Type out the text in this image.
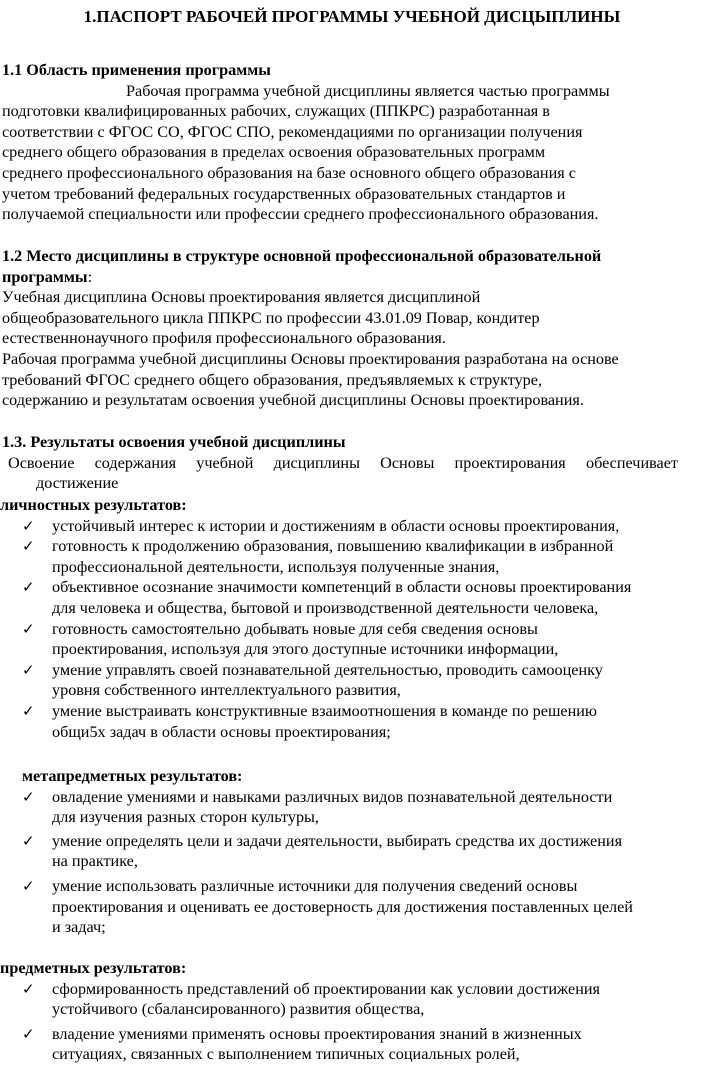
1.ПАСПОРТ РАБОЧЕЙ ПРОГРАММЫ УЧЕБНОЙ ДИСЦЫПЛИНЫ
1.1 Область применения программы
Рабочая программа учебной дисциплины является частью программы
подготовки квалифицированных рабочих, служащих (ППКРС) разработанная в
соответствии с ФГОС СО, ФГОС СПО, рекомендациями по организации получения
среднего общего образования в пределах освоения образовательных программ
среднего профессионального образования на базе основного общего образования с
учетом требований федеральных государственных образовательных стандартов и
получаемой специальности или профессии среднего профессионального образования.
1.2 Место дисциплины в структуре основной профессиональной образовательной
программы:
Учебная дисциплина Основы проектирования является дисциплиной
общеобразовательного цикла ППКРС по профессии 43.01.09 Повар, кондитер
естественнонаучного профиля профессионального образования.
Рабочая программа учебной дисциплины Основы проектирования разработана на основе
требований ФГОС среднего общего образования, предъявляемых к структуре,
содержанию и результатам освоения учебной дисциплины Основы проектирования.
1.3. Результаты освоения учебной дисциплины
Освоение содержания учебной дисциплины Основы проектирования обеспечивает
достижение
личностных результатов:
✓ устойчивый интерес к истории и достижениям в области основы проектирования,
✓ готовность к продолжению образования, повышению квалификации в избранной
профессиональной деятельности, используя полученные знания,
✓ объективное осознание значимости компетенций в области основы проектирования
для человека и общества, бытовой и производственной деятельности человека,
✓ готовность самостоятельно добывать новые для себя сведения основы
проектирования, используя для этого доступные источники информации,
✓ умение управлять своей познавательной деятельностью, проводить самооценку
уровня собственного интеллектуального развития,
✓ умение выстраивать конструктивные взаимоотношения в команде по решению
общи5х задач в области основы проектирования;
метапредметных результатов:
✓ овладение умениями и навыками различных видов познавательной деятельности
для изучения разных сторон культуры,
✓ умение определять цели и задачи деятельности, выбирать средства их достижения
на практике,
✓ умение использовать различные источники для получения сведений основы
проектирования и оценивать ее достоверность для достижения поставленных целей
и задач;
предметных результатов:
✓ сформированность представлений об проектировании как условии достижения
устойчивого (сбалансированного) развития общества,
✓ владение умениями применять основы проектирования знаний в жизненных
ситуациях, связанных с выполнением типичных социальных ролей,
